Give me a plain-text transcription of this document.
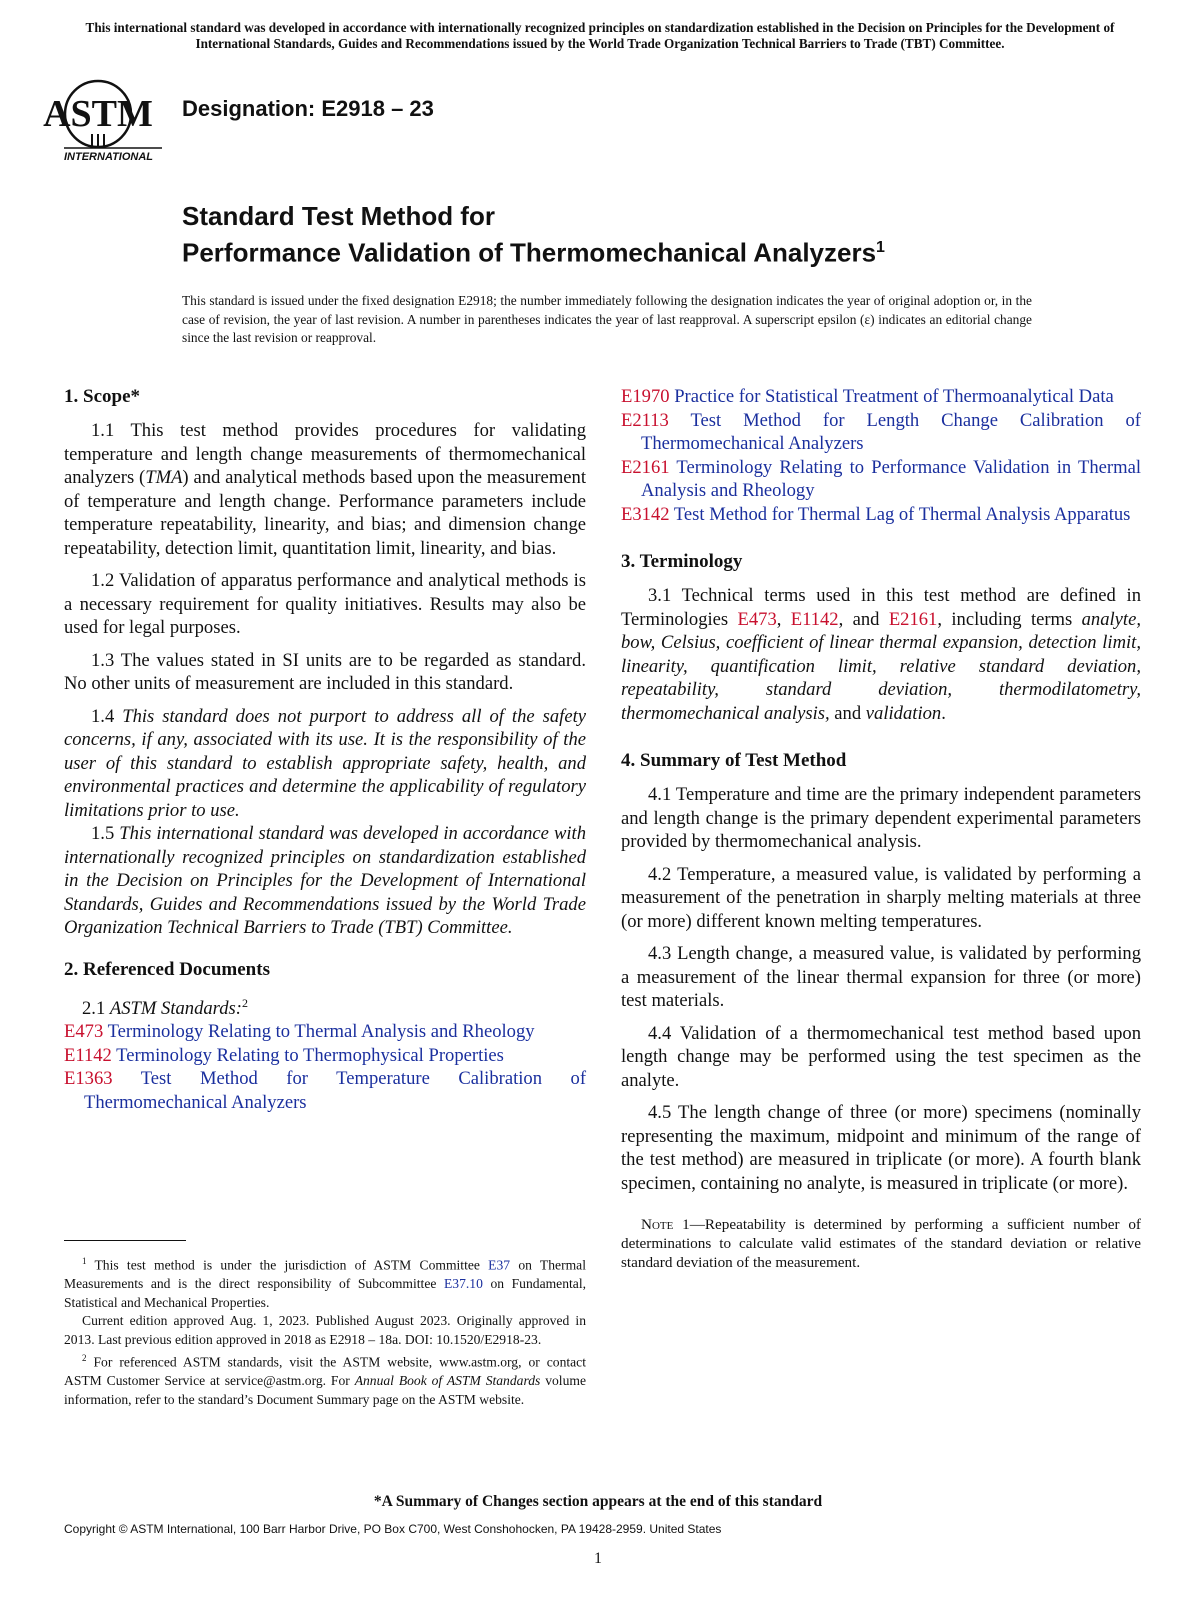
This international standard was developed in accordance with internationally recognized principles on standardization established in the Decision on Principles for the Development of International Standards, Guides and Recommendations issued by the World Trade Organization Technical Barriers to Trade (TBT) Committee.
ASTM
INTERNATIONAL
Designation: E2918 – 23
Standard Test Method for
Performance Validation of Thermomechanical Analyzers$^1$
This standard is issued under the fixed designation E2918; the number immediately following the designation indicates the year of original adoption or, in the case of revision, the year of last revision. A number in parentheses indicates the year of last reapproval. A superscript epsilon (ε) indicates an editorial change since the last revision or reapproval.
1. Scope*

1.1 This test method provides procedures for validating temperature and length change measurements of thermomechanical analyzers (TMA) and analytical methods based upon the measurement of temperature and length change. Performance parameters include temperature repeatability, linearity, and bias; and dimension change repeatability, detection limit, quantitation limit, linearity, and bias.

1.2 Validation of apparatus performance and analytical methods is a necessary requirement for quality initiatives. Results may also be used for legal purposes.

1.3 The values stated in SI units are to be regarded as standard. No other units of measurement are included in this standard.

1.4 This standard does not purport to address all of the safety concerns, if any, associated with its use. It is the responsibility of the user of this standard to establish appropriate safety, health, and environmental practices and determine the applicability of regulatory limitations prior to use.

1.5 This international standard was developed in accordance with internationally recognized principles on standardization established in the Decision on Principles for the Development of International Standards, Guides and Recommendations issued by the World Trade Organization Technical Barriers to Trade (TBT) Committee.

2. Referenced Documents

2.1 ASTM Standards:$^2$

E473 Terminology Relating to Thermal Analysis and Rheology
E1142 Terminology Relating to Thermophysical Properties
E1363 Test Method for Temperature Calibration of Thermomechanical Analyzers
$^1$ This test method is under the jurisdiction of ASTM Committee E37 on Thermal Measurements and is the direct responsibility of Subcommittee E37.10 on Fundamental, Statistical and Mechanical Properties.
Current edition approved Aug. 1, 2023. Published August 2023. Originally approved in 2013. Last previous edition approved in 2018 as E2918 – 18a. DOI: 10.1520/E2918-23.
$^2$ For referenced ASTM standards, visit the ASTM website, www.astm.org, or contact ASTM Customer Service at service@astm.org. For Annual Book of ASTM Standards volume information, refer to the standard’s Document Summary page on the ASTM website.
E1970 Practice for Statistical Treatment of Thermoanalytical Data
E2113 Test Method for Length Change Calibration of Thermomechanical Analyzers
E2161 Terminology Relating to Performance Validation in Thermal Analysis and Rheology
E3142 Test Method for Thermal Lag of Thermal Analysis Apparatus
3. Terminology

3.1 Technical terms used in this test method are defined in Terminologies E473, E1142, and E2161, including terms analyte, bow, Celsius, coefficient of linear thermal expansion, detection limit, linearity, quantification limit, relative standard deviation, repeatability, standard deviation, thermodilatometry, thermomechanical analysis, and validation.

4. Summary of Test Method

4.1 Temperature and time are the primary independent parameters and length change is the primary dependent experimental parameters provided by thermomechanical analysis.

4.2 Temperature, a measured value, is validated by performing a measurement of the penetration in sharply melting materials at three (or more) different known melting temperatures.

4.3 Length change, a measured value, is validated by performing a measurement of the linear thermal expansion for three (or more) test materials.

4.4 Validation of a thermomechanical test method based upon length change may be performed using the test specimen as the analyte.

4.5 The length change of three (or more) specimens (nominally representing the maximum, midpoint and minimum of the range of the test method) are measured in triplicate (or more). A fourth blank specimen, containing no analyte, is measured in triplicate (or more).

Note 1—Repeatability is determined by performing a sufficient number of determinations to calculate valid estimates of the standard deviation or relative standard deviation of the measurement.
*A Summary of Changes section appears at the end of this standard
Copyright © ASTM International, 100 Barr Harbor Drive, PO Box C700, West Conshohocken, PA 19428-2959. United States
1
